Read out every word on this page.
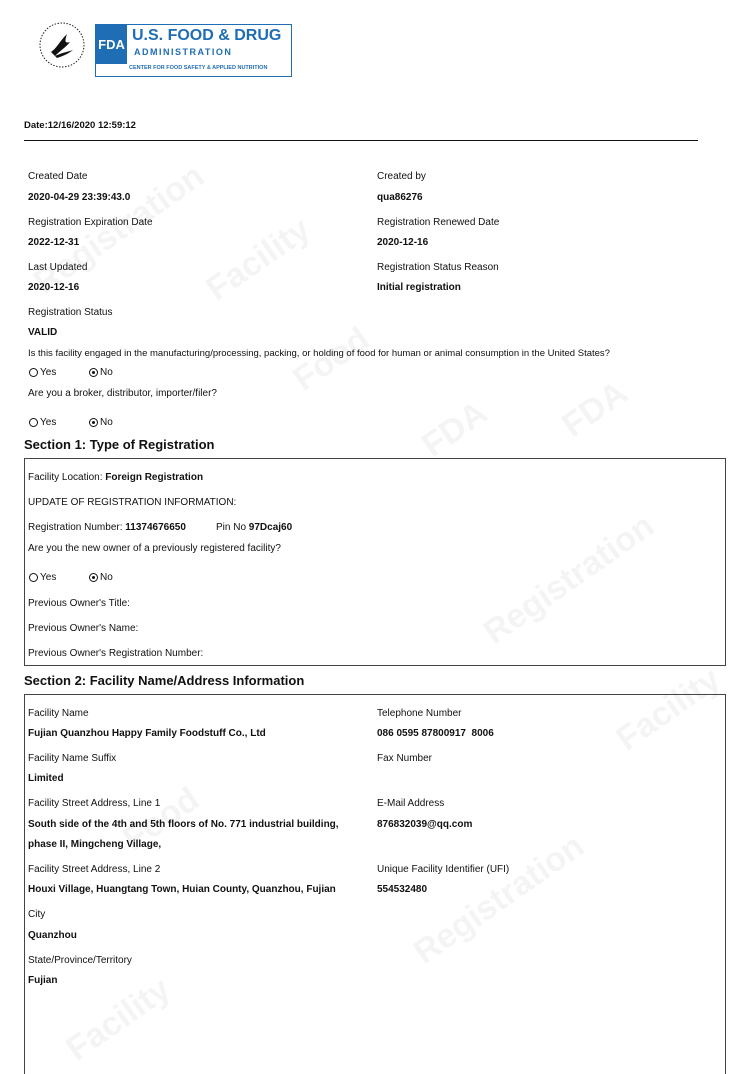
FDA
U.S. FOOD & DRUG
ADMINISTRATION
CENTER FOR FOOD SAFETY & APPLIED NUTRITION
Date:12/16/2020 12:59:12
Created Date
2020-04-29 23:39:43.0
Created by
qua86276
Registration Expiration Date
2022-12-31
Registration Renewed Date
2020-12-16
Last Updated
2020-12-16
Registration Status Reason
Initial registration
Registration Status
VALID
Is this facility engaged in the manufacturing/processing, packing, or holding of food for human or animal consumption in the United States?
Yes	No
Are you a broker, distributor, importer/filer?
Yes	No
Section 1: Type of Registration
Facility Location: Foreign Registration
UPDATE OF REGISTRATION INFORMATION:
Registration Number: 11374676650	Pin No 97Dcaj60
Are you the new owner of a previously registered facility?
Yes	No
Previous Owner's Title:
Previous Owner's Name:
Previous Owner's Registration Number:
Section 2: Facility Name/Address Information
Facility Name
Fujian Quanzhou Happy Family Foodstuff Co., Ltd
Telephone Number
086 0595 87800917  8006
Facility Name Suffix
Limited
Fax Number
Facility Street Address, Line 1
South side of the 4th and 5th floors of No. 771 industrial building,
phase II, Mingcheng Village,
E-Mail Address
876832039@qq.com
Facility Street Address, Line 2
Houxi Village, Huangtang Town, Huian County, Quanzhou, Fujian
Unique Facility Identifier (UFI)
554532480
City
Quanzhou
State/Province/Territory
Fujian
